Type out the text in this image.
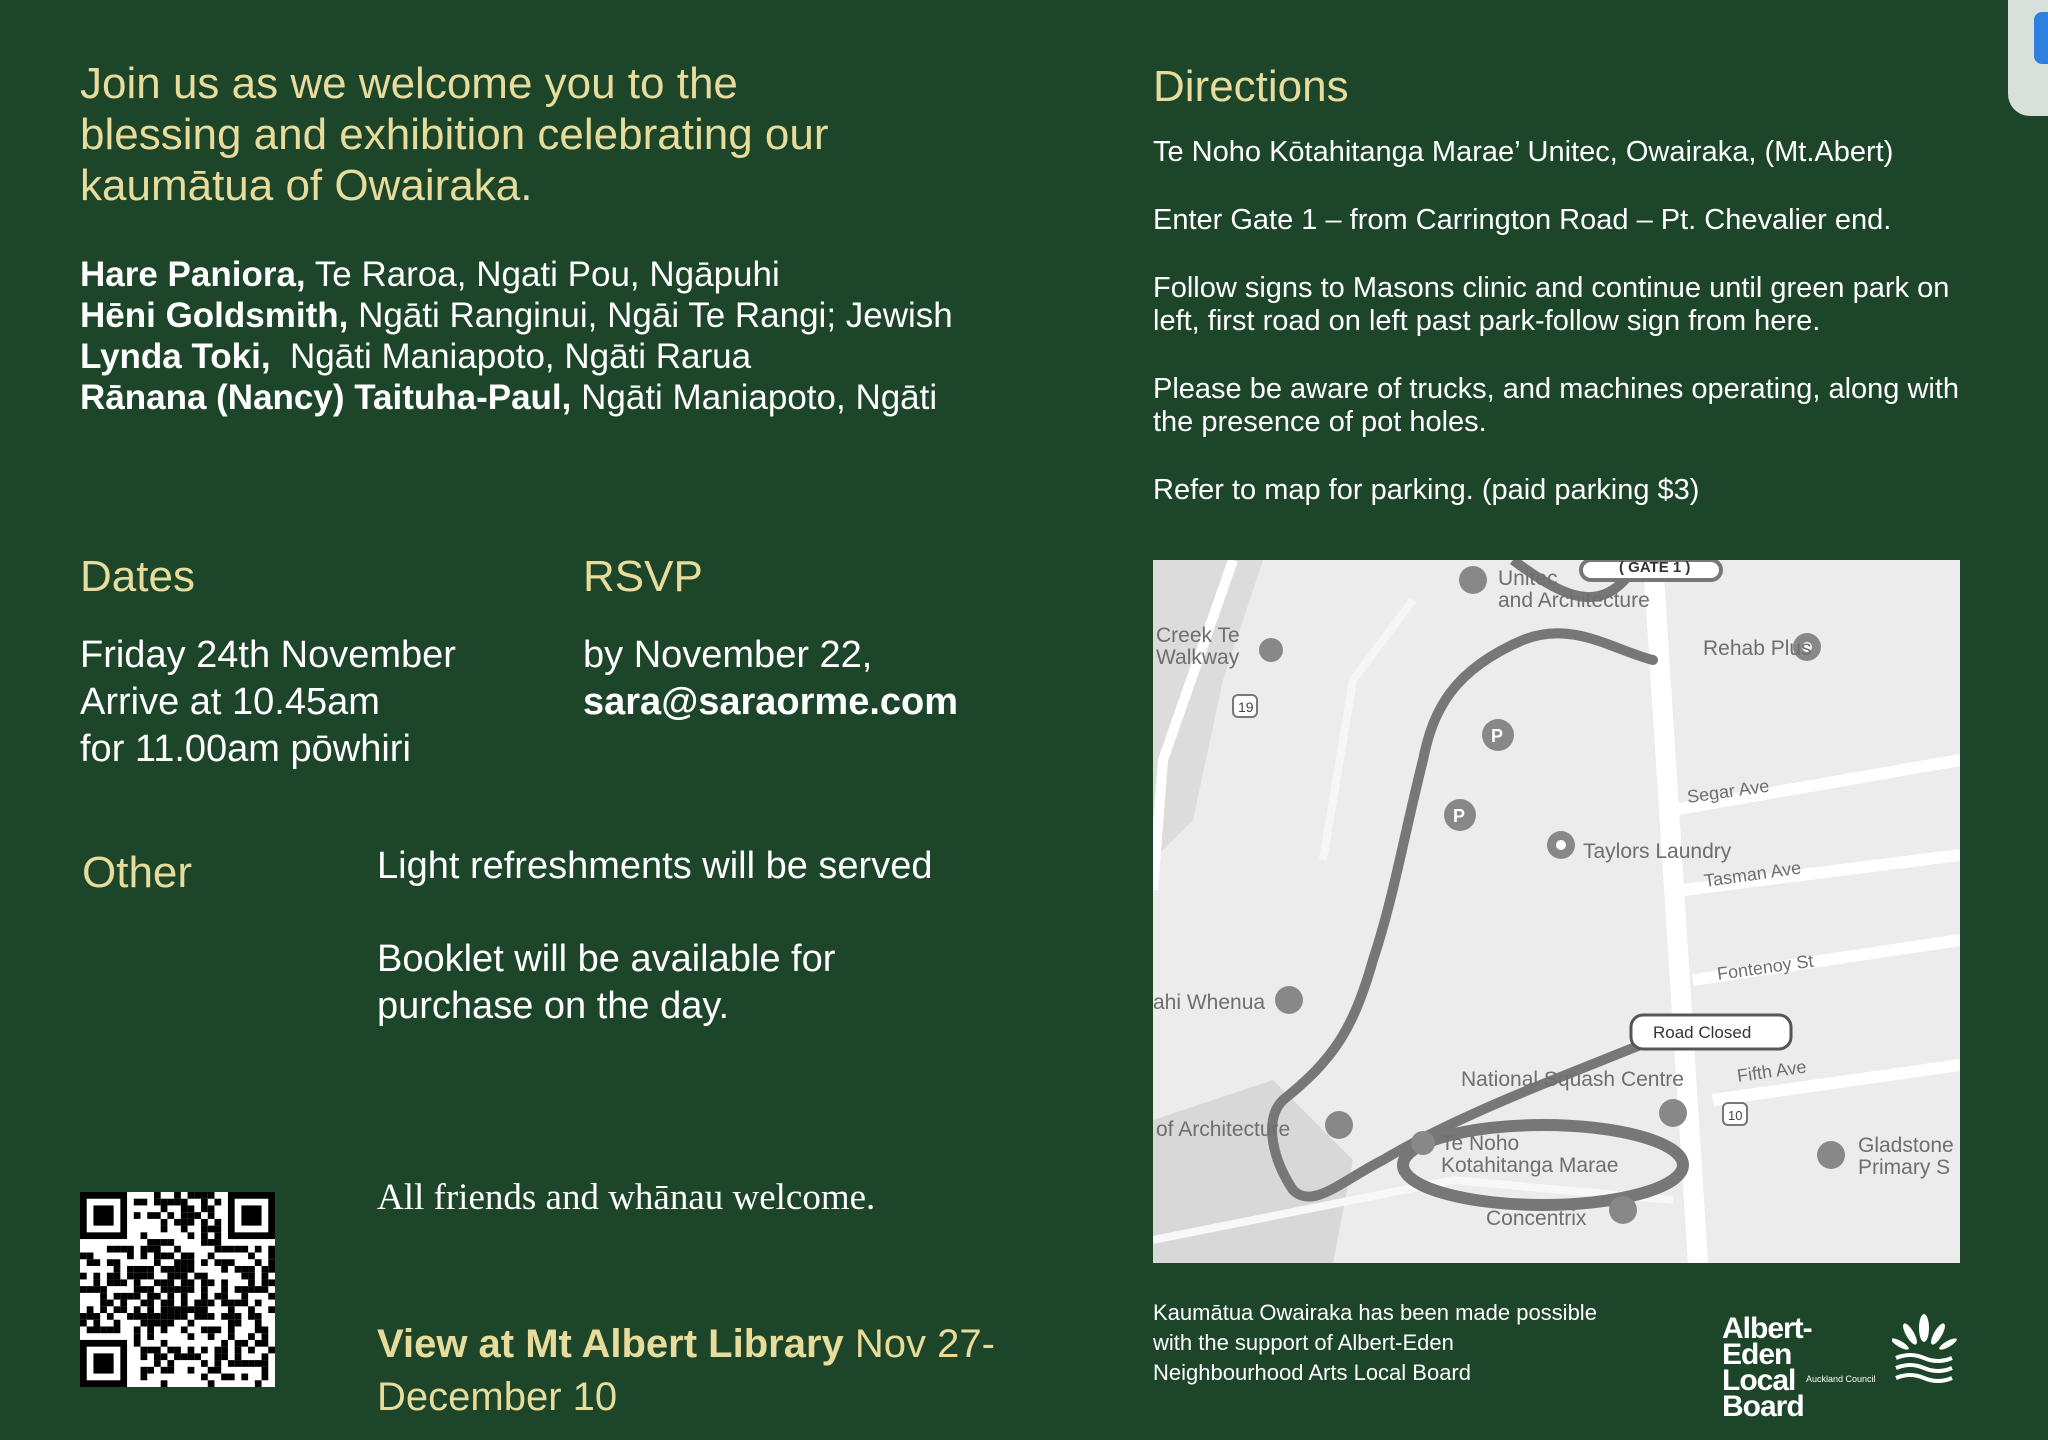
Join us as we welcome you to the
blessing and exhibition celebrating our
kaumātua of Owairaka.
Hare Paniora, Te Raroa, Ngati Pou, Ngāpuhi
Hēni Goldsmith, Ngāti Ranginui, Ngāi Te Rangi; Jewish
Lynda Toki,  Ngāti Maniapoto, Ngāti Rarua
Rānana (Nancy) Taituha-Paul, Ngāti Maniapoto, Ngāti
Dates	RSVP
Friday 24th November
Arrive at 10.45am
for 11.00am pōwhiri
by November 22,
sara@saraorme.com
Other	Light refreshments will be served

Booklet will be available for purchase on the day.

All friends and whānau welcome.
View at Mt Albert Library Nov 27-December 10
Directions

Te Noho Kōtahitanga Marae’ Unitec, Owairaka, (Mt.Abert)

Enter Gate 1 – from Carrington Road – Pt. Chevalier end.

Follow signs to Masons clinic and continue until green park on left, first road on left past park-follow sign from here.

Please be aware of trucks, and machines operating, along with the presence of pot holes.

Refer to map for parking. (paid parking $3)

( GATE 1 )
Unitec
and Architecture
Creek Te
Walkway
19
Rehab Plus
Segar Ave
Taylors Laundry
Tasman Ave
Fontenoy St
ahi Whenua
Road Closed
National Squash Centre	Fifth Ave
10
of Architecture
Te Noho
Kotahitanga Marae
Gladstone
Primary S
Concentrix
P
P
Kaumātua Owairaka has been made possible with the support of Albert-Eden Neighbourhood Arts Local Board
Albert-Eden
Local Board
Auckland Council
